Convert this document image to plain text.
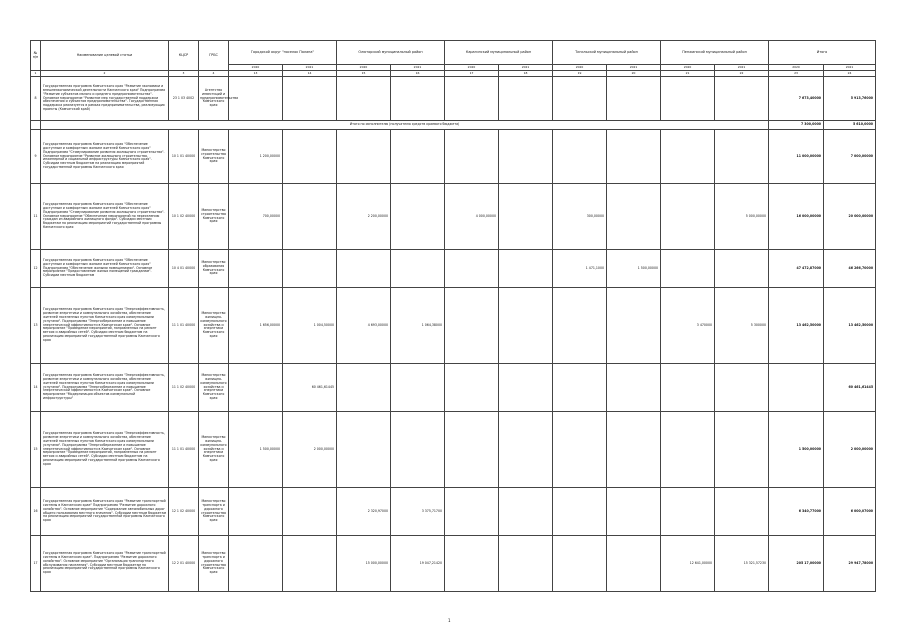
№ п/п	Наименование целевой статьи	КЦСР	ГРБС	Городской округ "поселок Палана"		Олюторский муниципальный район		Карагинский муниципальный район		Тигильский муниципальный район		Пенжинский муниципальный район		Итого	
				2020	2021	2020	2021	2020	2021	2020	2021	2020	2021	2020	2021
1	2	3	4	13	14	15	16	17	18	19	20	21	22	23	24
8	Государственная программа Камчатского края "Развитие экономики и внешнеэкономической деятельности Камчатского края" Подпрограмма "Развитие субъектов малого и среднего предпринимательства". Основное мероприятие "Развитие мер государственной поддержки обеспечения и субъектов предпринимательства". Государственная поддержка реализуется в рамках предпринимательства, реализующих проекты (Камчатский край)	23 1 03 4002	Агентство инвестиций и предпринимательства Камчатского края											7 673,40000	5 913,76000
	Итого по исполнителю (получателю средств краевого бюджета)													7 300,0000	5 610,0000
9	Государственная программа Камчатского края "Обеспечение доступным и комфортным жильем жителей Камчатского края" Подпрограмма "Стимулирование развития жилищного строительства". Основное мероприятие "Развитие жилищного строительства, инженерной и социальной инфраструктуры Камчатского края". Субсидии местным бюджетам на реализацию мероприятий государственной программы Камчатского края	10 1 01 40000	Министерство строительства Камчатского края	1 200,00000										11 000,00000	7 000,00000
11	Государственная программа Камчатского края "Обеспечение доступным и комфортным жильем жителей Камчатского края" Подпрограмма "Стимулирование развития жилищного строительства". Основное мероприятие "Обеспечение мероприятий по переселению граждан из аварийного жилищного фонда". Субсидии местным бюджетам на реализацию мероприятий государственной программы Камчатского края	10 1 02 40000	Министерство строительства Камчатского края	700,00000		2 200,00000		4 000,00000		300,00000			5 000,00000	16 000,00000	20 000,00000
12	Государственная программа Камчатского края "Обеспечение доступным и комфортным жильем жителей Камчатского края" Подпрограмма "Обеспечение жилыми помещениями". Основное мероприятие "Предоставление жилых помещений гражданам". Субсидии местным бюджетам	10 4 01 40000	Министерство образования Камчатского края							1 471,1000	1 500,00000			47 472,87000	46 266,70000
13	Государственная программа Камчатского края "Энергоэффективность, развитие энергетики и коммунального хозяйства, обеспечение жителей населенных пунктов Камчатского края коммунальными услугами". Подпрограмма "Энергосбережение и повышение энергетической эффективности в Камчатском крае". Основное мероприятие "Проведение мероприятий, направленных на ремонт ветхих и аварийных сетей". Субсидии местным бюджетам на реализацию мероприятий государственной программы Камчатского края	11 1 01 40000	Министерство жилищно-коммунального хозяйства и энергетики Камчатского края	1 656,00000	1 004,50000	4 693,00000	1 064,38000					3 470000	5 300000	13 462,50000	13 462,50000
14	Государственная программа Камчатского края "Энергоэффективность, развитие энергетики и коммунального хозяйства, обеспечение жителей населенных пунктов Камчатского края коммунальными услугами". Подпрограмма "Энергосбережение и повышение энергетической эффективности в Камчатском крае". Основное мероприятие "Модернизация объектов коммунальной инфраструктуры"	11 1 02 40000	Министерство жилищно-коммунального хозяйства и энергетики Камчатского края		60 461,61445										60 461,61445
15	Государственная программа Камчатского края "Энергоэффективность, развитие энергетики и коммунального хозяйства, обеспечение жителей населенных пунктов Камчатского края коммунальными услугами". Подпрограмма "Энергосбережение и повышение энергетической эффективности в Камчатском крае". Основное мероприятие "Проведение мероприятий, направленных на ремонт ветхих и аварийных сетей". Субсидии местным бюджетам на реализацию мероприятий государственной программы Камчатского края	11 1 01 40000	Министерство жилищно-коммунального хозяйства и энергетики Камчатского края	1 500,00000	2 000,00000									1 500,00000	2 000,00000
16	Государственная программа Камчатского края "Развитие транспортной системы в Камчатском крае" Подпрограмма "Развитие дорожного хозяйства". Основное мероприятие "Содержание автомобильных дорог общего пользования местного значения". Субсидии местным бюджетам на реализацию мероприятий государственной программы Камчатского края	12 1 02 40000	Министерство транспорта и дорожного строительства Камчатского края			2 320,97000	3 375,71700							6 340,77000	6 000,07000
17	Государственная программа Камчатского края "Развитие транспортной системы в Камчатском крае". Подпрограмма "Развитие дорожного хозяйства". Основное мероприятие "Организация транспортного обслуживания населения". Субсидии местным бюджетам на реализацию мероприятий государственной программы Камчатского края	12 2 01 40000	Министерство транспорта и дорожного строительства Камчатского края			15 000,00000	19 047,21420					12 641,00000	15 321,57230	205 17,00000	29 947,78000
1
